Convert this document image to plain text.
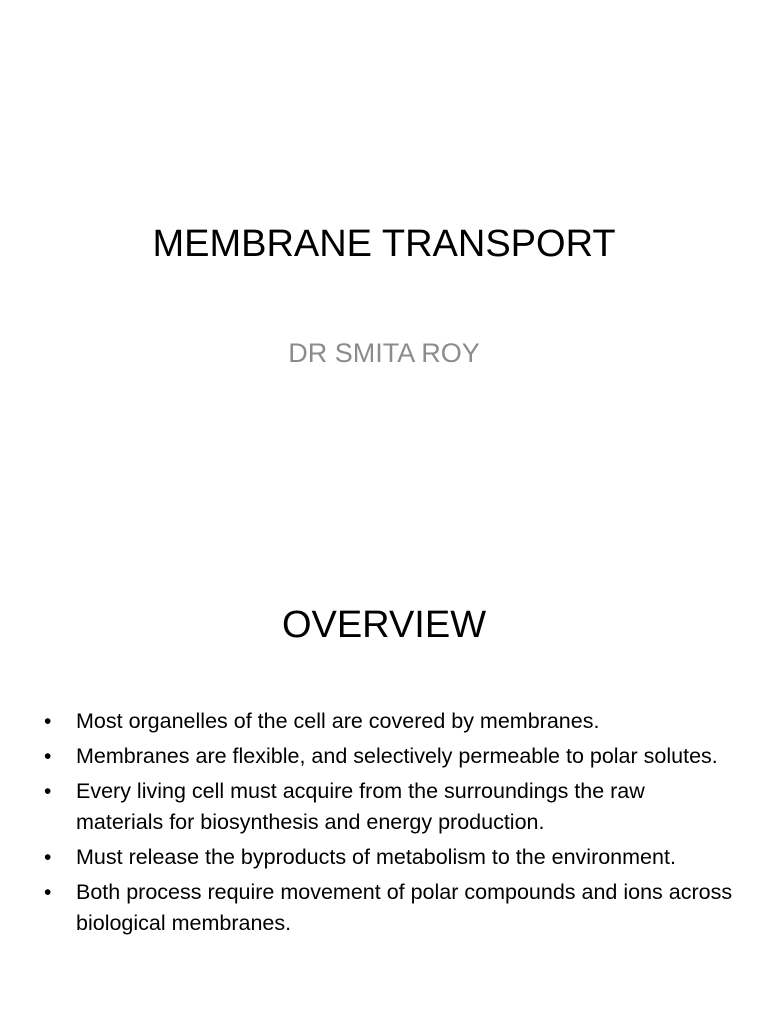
MEMBRANE TRANSPORT
DR SMITA ROY
OVERVIEW
• Most organelles of the cell are covered by membranes.
• Membranes are flexible, and selectively permeable to polar solutes.
• Every living cell must acquire from the surroundings the raw materials for biosynthesis and energy production.
• Must release the byproducts of metabolism to the environment.
• Both process require movement of polar compounds and ions across biological membranes.
